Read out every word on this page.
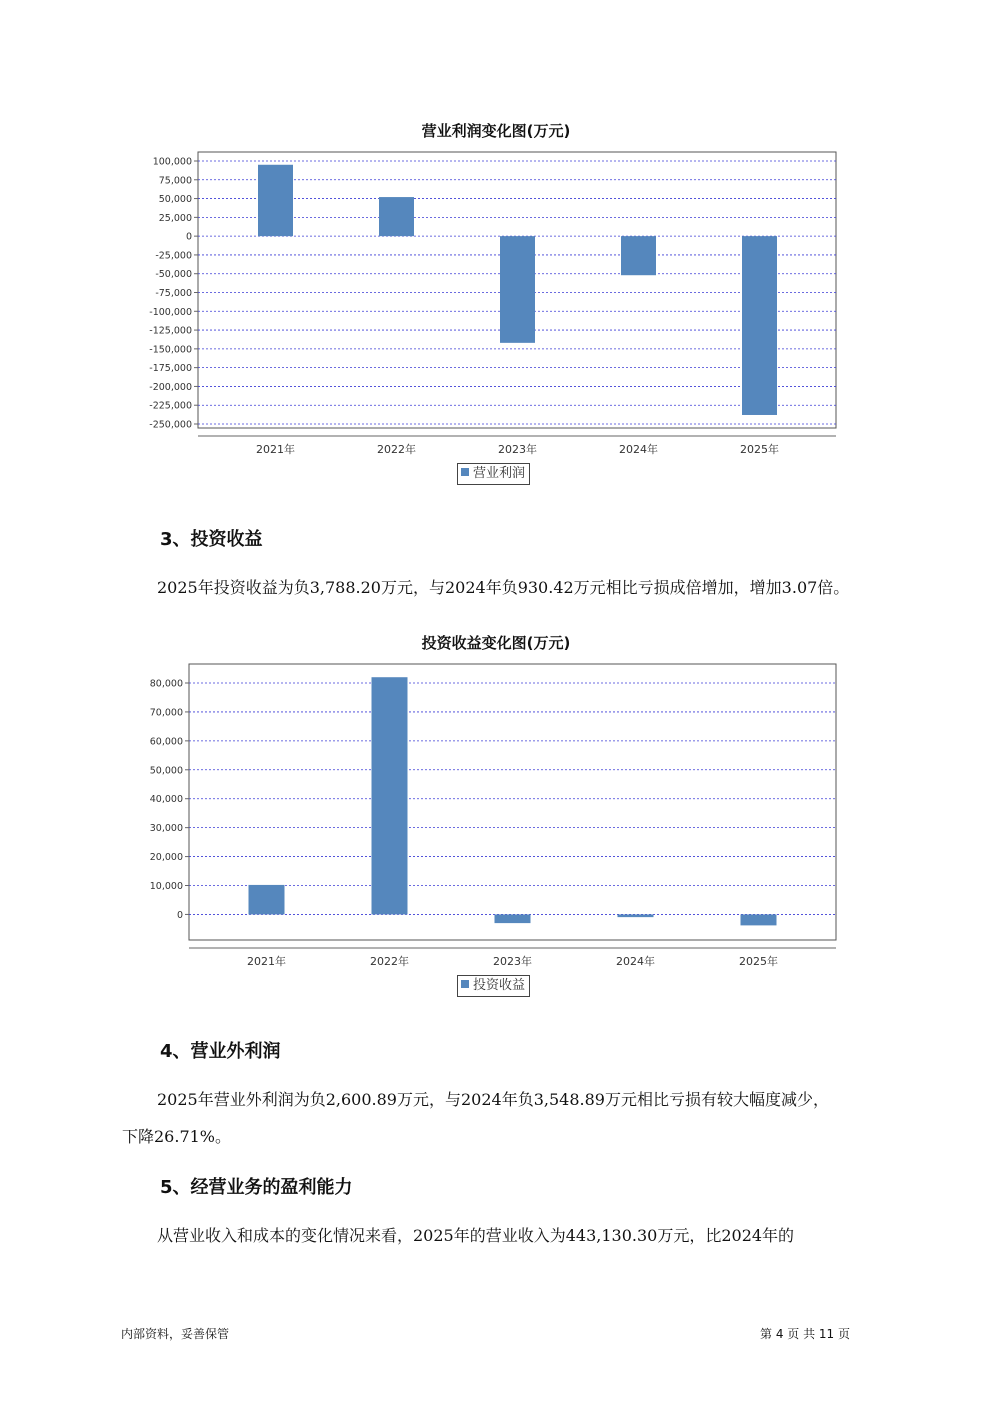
营业利润变化图(万元)
100,000
75,000
50,000
25,000
0
-25,000
-50,000
-75,000
-100,000
-125,000
-150,000
-175,000
-200,000
-225,000
-250,000
2021年	2022年	2023年	2024年	2025年
营业利润
3、投资收益
2025年投资收益为负3,788.20万元，与2024年负930.42万元相比亏损成倍增加，增加3.07倍。
投资收益变化图(万元)
80,000
70,000
60,000
50,000
40,000
30,000
20,000
10,000
0
2021年	2022年	2023年	2024年	2025年
投资收益
4、营业外利润
2025年营业外利润为负2,600.89万元，与2024年负3,548.89万元相比亏损有较大幅度减少，
下降26.71%。
5、经营业务的盈利能力
从营业收入和成本的变化情况来看，2025年的营业收入为443,130.30万元，比2024年的
内部资料，妥善保管	第 4 页 共 11 页
